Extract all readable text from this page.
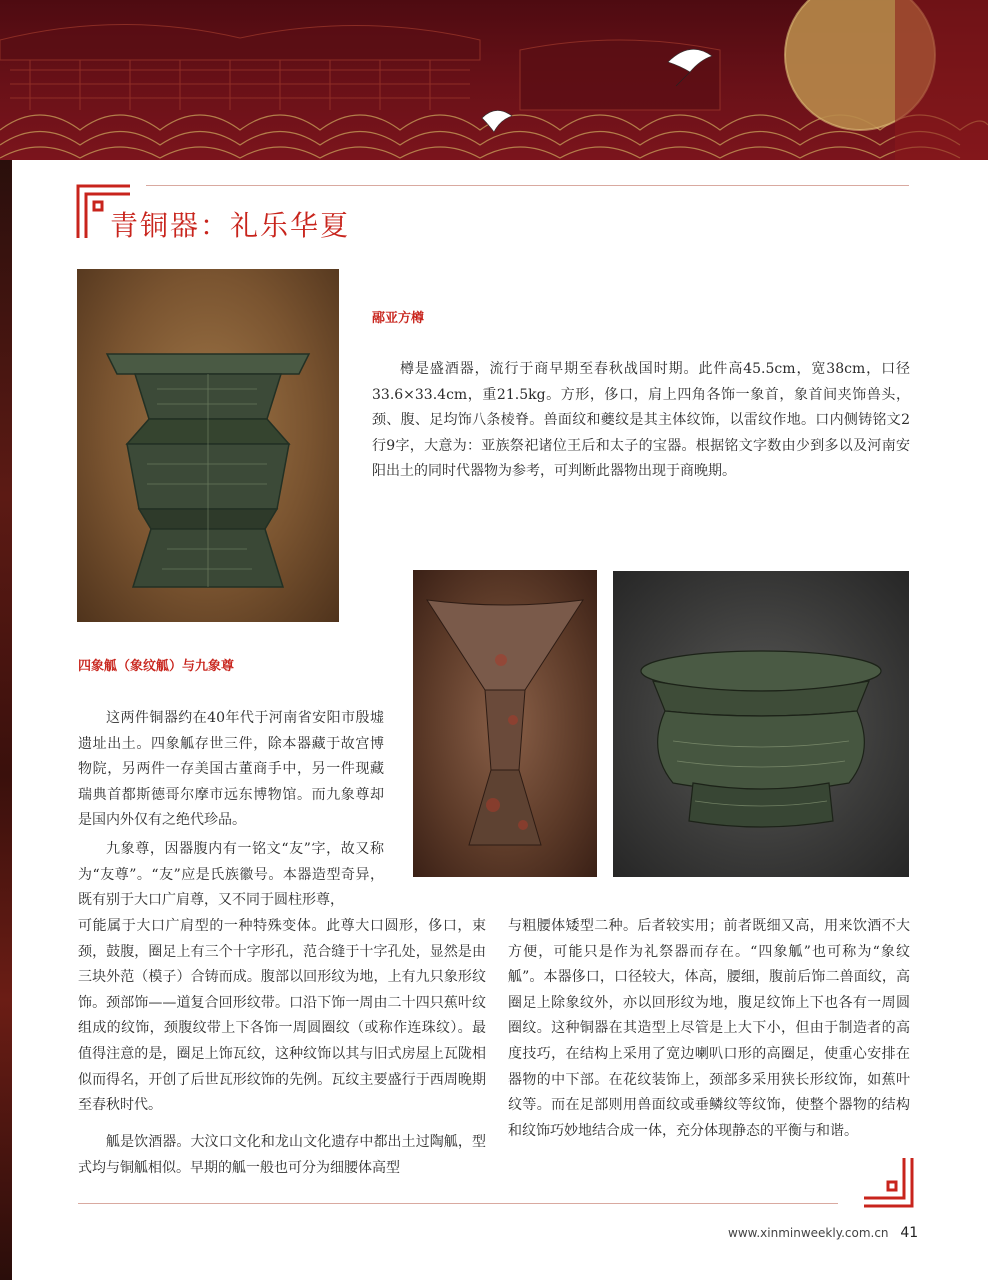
青铜器：礼乐华夏
䣓亚方樽

樽是盛酒器，流行于商早期至春秋战国时期。此件高45.5cm，宽38cm，口径33.6×33.4cm，重21.5kg。方形，侈口，肩上四角各饰一象首，象首间夹饰兽头，颈、腹、足均饰八条棱脊。兽面纹和夔纹是其主体纹饰，以雷纹作地。口内侧铸铭文2行9字，大意为：亚族祭祀诸位王后和太子的宝器。根据铭文字数由少到多以及河南安阳出土的同时代器物为参考，可判断此器物出现于商晚期。

四象觚（象纹觚）与九象尊

这两件铜器约在40年代于河南省安阳市殷墟遗址出土。四象觚存世三件，除本器藏于故宫博物院，另两件一存美国古董商手中，另一件现藏瑞典首都斯德哥尔摩市远东博物馆。而九象尊却是国内外仅有之绝代珍品。

九象尊，因器腹内有一铭文“友”字，故又称为“友尊”。“友”应是氏族徽号。本器造型奇异，既有别于大口广肩尊，又不同于圆柱形尊，

可能属于大口广肩型的一种特殊变体。此尊大口圆形，侈口，束颈，鼓腹，圈足上有三个十字形孔，范合缝于十字孔处，显然是由三块外范（模子）合铸而成。腹部以回形纹为地，上有九只象形纹饰。颈部饰——道复合回形纹带。口沿下饰一周由二十四只蕉叶纹组成的纹饰，颈腹纹带上下各饰一周圆圈纹（或称作连珠纹）。最值得注意的是，圈足上饰瓦纹，这种纹饰以其与旧式房屋上瓦陇相似而得名，开创了后世瓦形纹饰的先例。瓦纹主要盛行于西周晚期至春秋时代。

觚是饮酒器。大汶口文化和龙山文化遗存中都出土过陶觚，型式均与铜觚相似。早期的觚一般也可分为细腰体高型

与粗腰体矮型二种。后者较实用；前者既细又高，用来饮酒不大方便，可能只是作为礼祭器而存在。“四象觚”也可称为“象纹觚”。本器侈口，口径较大，体高，腰细，腹前后饰二兽面纹，高圈足上除象纹外，亦以回形纹为地，腹足纹饰上下也各有一周圆圈纹。这种铜器在其造型上尽管是上大下小，但由于制造者的高度技巧，在结构上采用了宽边喇叭口形的高圈足，使重心安排在器物的中下部。在花纹装饰上，颈部多采用狭长形纹饰，如蕉叶纹等。而在足部则用兽面纹或垂鳞纹等纹饰，使整个器物的结构和纹饰巧妙地结合成一体，充分体现静态的平衡与和谐。

www.xinminweekly.com.cn 41
